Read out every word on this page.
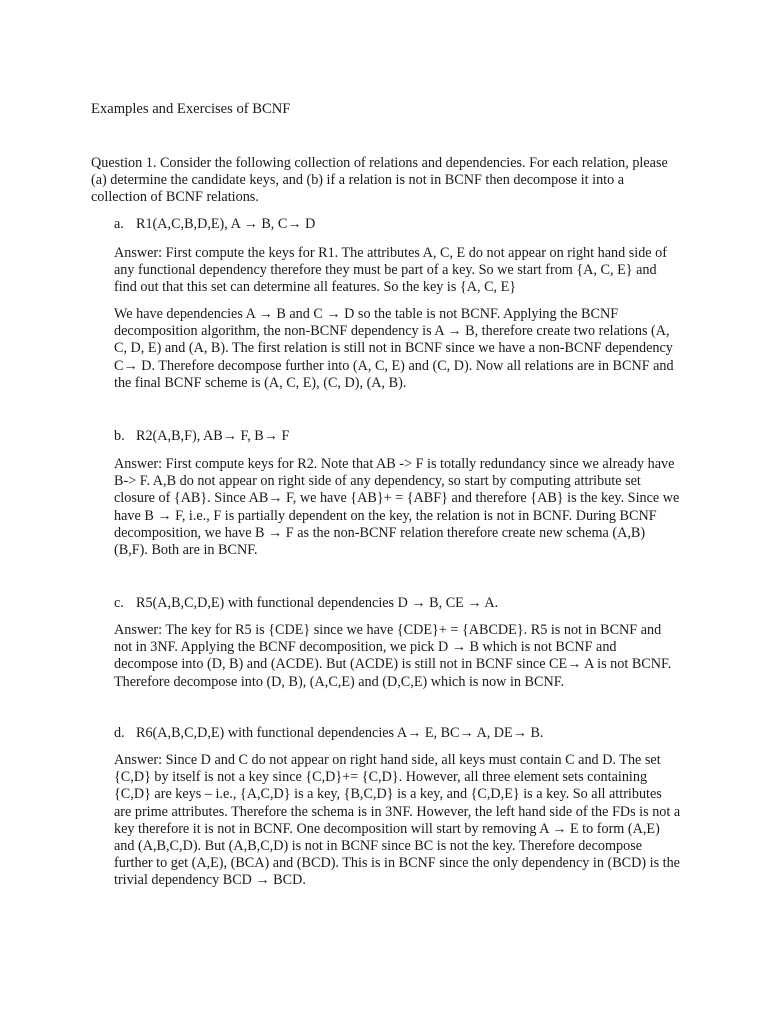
Examples and Exercises of BCNF

Question 1. Consider the following collection of relations and dependencies. For each relation, please (a) determine the candidate keys, and (b) if a relation is not in BCNF then decompose it into a collection of BCNF relations.

a. R1(A,C,B,D,E), A → B, C→ D

Answer: First compute the keys for R1. The attributes A, C, E do not appear on right hand side of any functional dependency therefore they must be part of a key. So we start from {A, C, E} and find out that this set can determine all features. So the key is {A, C, E}

We have dependencies A → B and C → D so the table is not BCNF. Applying the BCNF decomposition algorithm, the non-BCNF dependency is A → B, therefore create two relations (A, C, D, E) and (A, B). The first relation is still not in BCNF since we have a non-BCNF dependency C→ D. Therefore decompose further into (A, C, E) and (C, D). Now all relations are in BCNF and the final BCNF scheme is (A, C, E), (C, D), (A, B).

b. R2(A,B,F), AB→ F, B→ F

Answer: First compute keys for R2. Note that AB -> F is totally redundancy since we already have B-> F. A,B do not appear on right side of any dependency, so start by computing attribute set closure of {AB}. Since AB→ F, we have {AB}+ = {ABF} and therefore {AB} is the key. Since we have B → F, i.e., F is partially dependent on the key, the relation is not in BCNF. During BCNF decomposition, we have B → F as the non-BCNF relation therefore create new schema (A,B) (B,F). Both are in BCNF.

c. R5(A,B,C,D,E) with functional dependencies D → B, CE → A.

Answer: The key for R5 is {CDE} since we have {CDE}+ = {ABCDE}. R5 is not in BCNF and not in 3NF. Applying the BCNF decomposition, we pick D → B which is not BCNF and decompose into (D, B) and (ACDE). But (ACDE) is still not in BCNF since CE→ A is not BCNF. Therefore decompose into (D, B), (A,C,E) and (D,C,E) which is now in BCNF.

d. R6(A,B,C,D,E) with functional dependencies A→ E, BC→ A, DE→ B.

Answer: Since D and C do not appear on right hand side, all keys must contain C and D. The set {C,D} by itself is not a key since {C,D}+= {C,D}. However, all three element sets containing {C,D} are keys – i.e., {A,C,D} is a key, {B,C,D} is a key, and {C,D,E} is a key. So all attributes are prime attributes. Therefore the schema is in 3NF. However, the left hand side of the FDs is not a key therefore it is not in BCNF. One decomposition will start by removing A → E to form (A,E) and (A,B,C,D). But (A,B,C,D) is not in BCNF since BC is not the key. Therefore decompose further to get (A,E), (BCA) and (BCD). This is in BCNF since the only dependency in (BCD) is the trivial dependency BCD → BCD.
